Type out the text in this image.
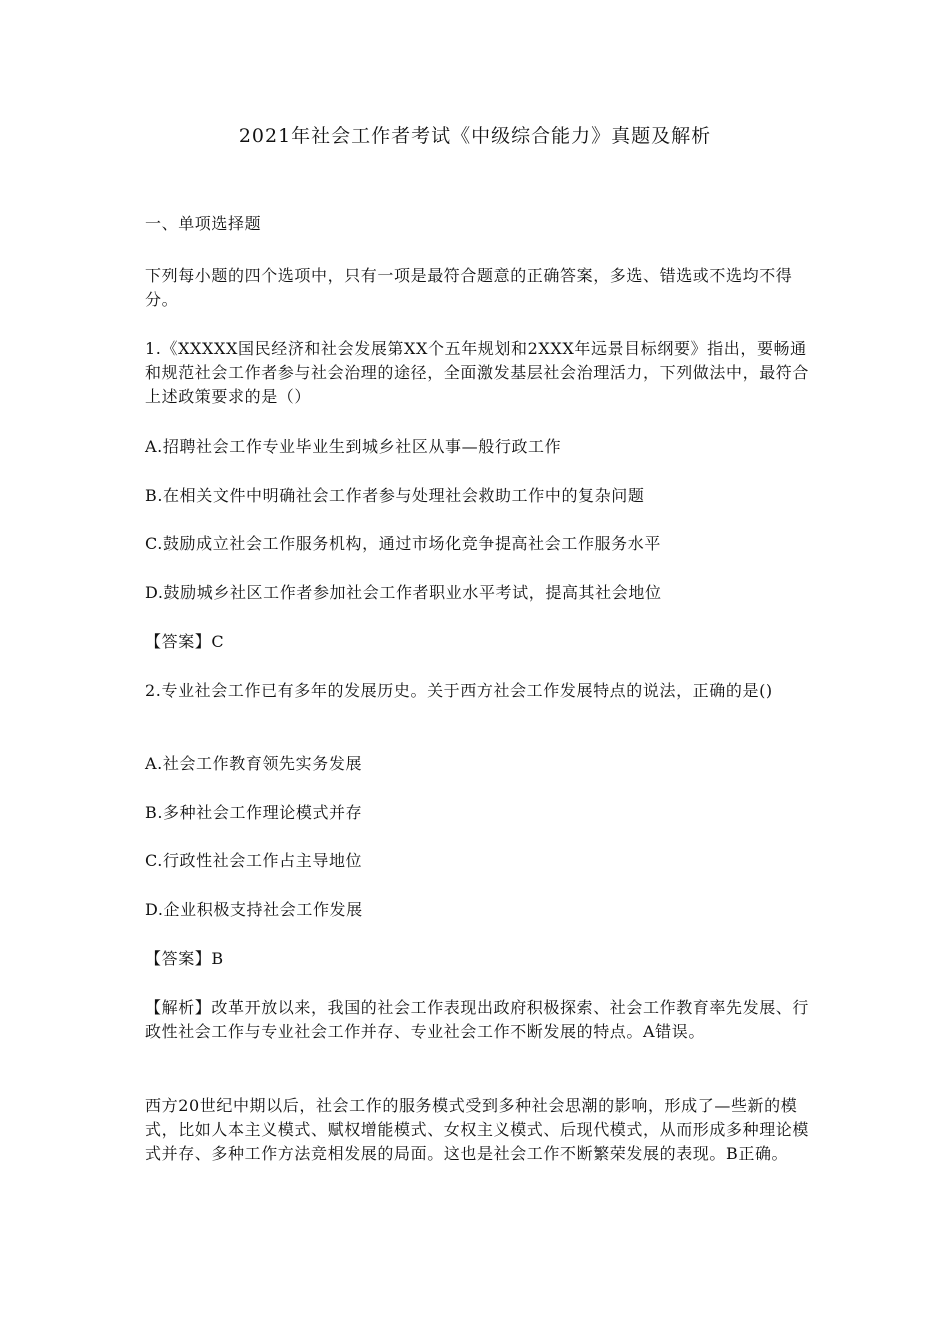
2021年社会工作者考试《中级综合能力》真题及解析

一、单项选择题

下列每小题的四个选项中，只有一项是最符合题意的正确答案，多选、错选或不选均不得分。

1.《XXXXX国民经济和社会发展第XX个五年规划和2XXX年远景目标纲要》指出，要畅通和规范社会工作者参与社会治理的途径，全面激发基层社会治理活力，下列做法中，最符合上述政策要求的是（）

A.招聘社会工作专业毕业生到城乡社区从事—般行政工作

B.在相关文件中明确社会工作者参与处理社会救助工作中的复杂问题

C.鼓励成立社会工作服务机构，通过市场化竞争提高社会工作服务水平

D.鼓励城乡社区工作者参加社会工作者职业水平考试，提高其社会地位

【答案】C

2.专业社会工作已有多年的发展历史。关于西方社会工作发展特点的说法，正确的是()

A.社会工作教育领先实务发展

B.多种社会工作理论模式并存

C.行政性社会工作占主导地位

D.企业积极支持社会工作发展

【答案】B

【解析】改革开放以来，我国的社会工作表现出政府积极探索、社会工作教育率先发展、行政性社会工作与专业社会工作并存、专业社会工作不断发展的特点。A错误。

西方20世纪中期以后，社会工作的服务模式受到多种社会思潮的影响，形成了—些新的模式，比如人本主义模式、赋权增能模式、女权主义模式、后现代模式，从而形成多种理论模式并存、多种工作方法竞相发展的局面。这也是社会工作不断繁荣发展的表现。B正确。
